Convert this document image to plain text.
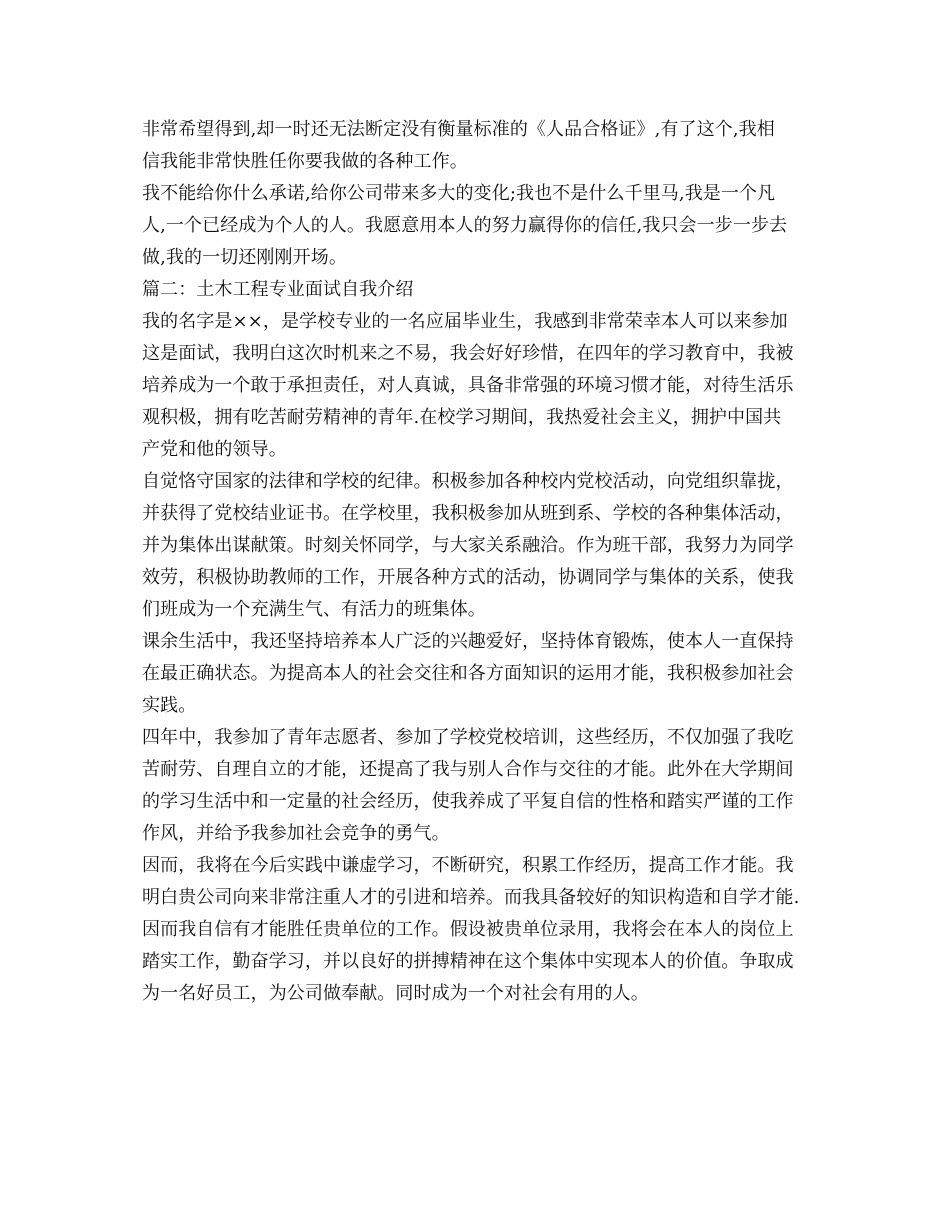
非常希望得到,却一时还无法断定没有衡量标准的《人品合格证》,有了这个,我相
信我能非常快胜任你要我做的各种工作。
我不能给你什么承诺,给你公司带来多大的变化;我也不是什么千里马,我是一个凡
人,一个已经成为个人的人。我愿意用本人的努力赢得你的信任,我只会一步一步去
做,我的一切还刚刚开场。
篇二：土木工程专业面试自我介绍
我的名字是××，是学校专业的一名应届毕业生，我感到非常荣幸本人可以来参加
这是面试，我明白这次时机来之不易，我会好好珍惜，在四年的学习教育中，我被
培养成为一个敢于承担责任，对人真诚，具备非常强的环境习惯才能，对待生活乐
观积极，拥有吃苦耐劳精神的青年.在校学习期间，我热爱社会主义，拥护中国共
产党和他的领导。
自觉恪守国家的法律和学校的纪律。积极参加各种校内党校活动，向党组织靠拢，
并获得了党校结业证书。在学校里，我积极参加从班到系、学校的各种集体活动，
并为集体出谋献策。时刻关怀同学，与大家关系融洽。作为班干部，我努力为同学
效劳，积极协助教师的工作，开展各种方式的活动，协调同学与集体的关系，使我
们班成为一个充满生气、有活力的班集体。
课余生活中，我还坚持培养本人广泛的兴趣爱好，坚持体育锻炼，使本人一直保持
在最正确状态。为提高本人的社会交往和各方面知识的运用才能，我积极参加社会
实践。
四年中，我参加了青年志愿者、参加了学校党校培训，这些经历，不仅加强了我吃
苦耐劳、自理自立的才能，还提高了我与别人合作与交往的才能。此外在大学期间
的学习生活中和一定量的社会经历，使我养成了平复自信的性格和踏实严谨的工作
作风，并给予我参加社会竞争的勇气。
因而，我将在今后实践中谦虚学习，不断研究，积累工作经历，提高工作才能。我
明白贵公司向来非常注重人才的引进和培养。而我具备较好的知识构造和自学才能.
因而我自信有才能胜任贵单位的工作。假设被贵单位录用，我将会在本人的岗位上
踏实工作，勤奋学习，并以良好的拼搏精神在这个集体中实现本人的价值。争取成
为一名好员工，为公司做奉献。同时成为一个对社会有用的人。
